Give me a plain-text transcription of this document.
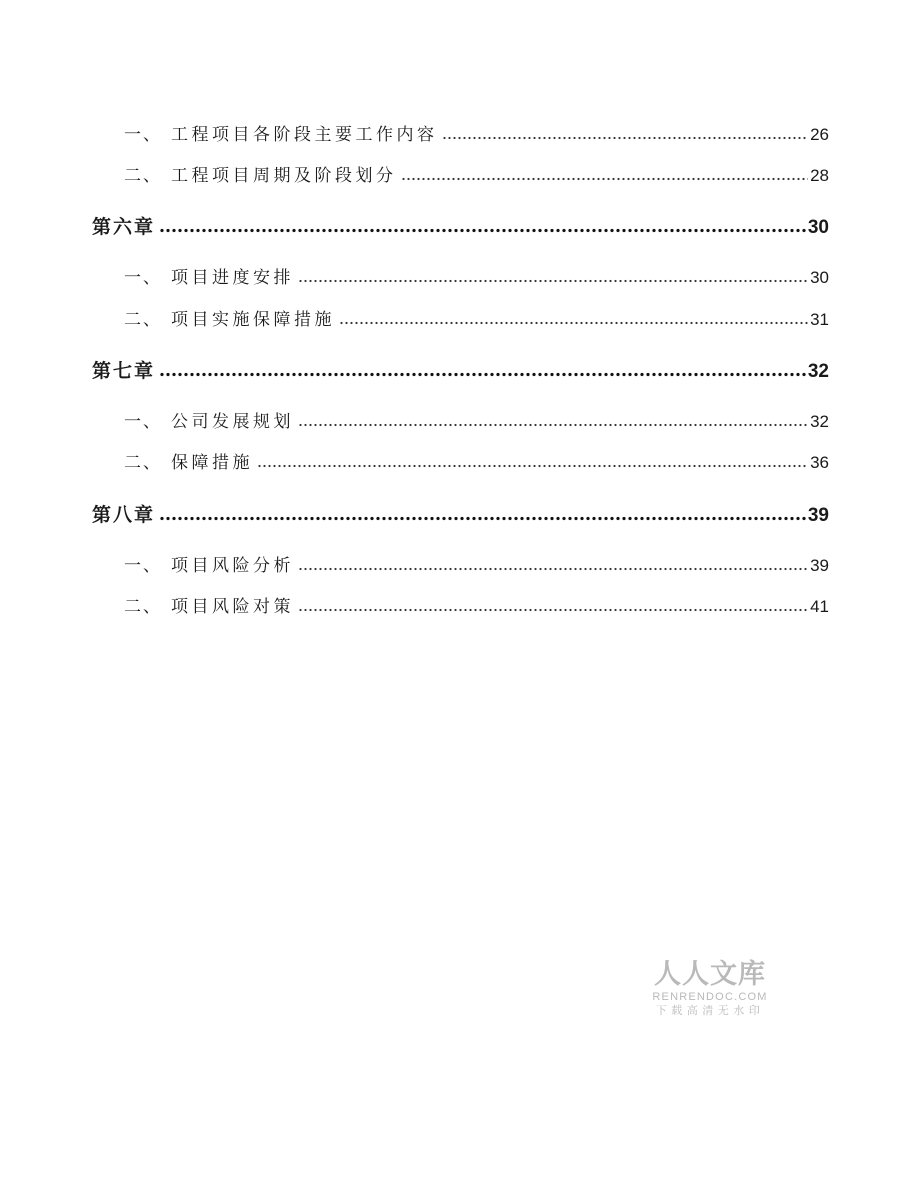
一、 工程项目各阶段主要工作内容	26
二、 工程项目周期及阶段划分	28
第六章	30
一、 项目进度安排	30
二、 项目实施保障措施	31
第七章	32
一、 公司发展规划	32
二、 保障措施	36
第八章	39
一、 项目风险分析	39
二、 项目风险对策	41
人人文库
RENRENDOC.COM
下载高清无水印
